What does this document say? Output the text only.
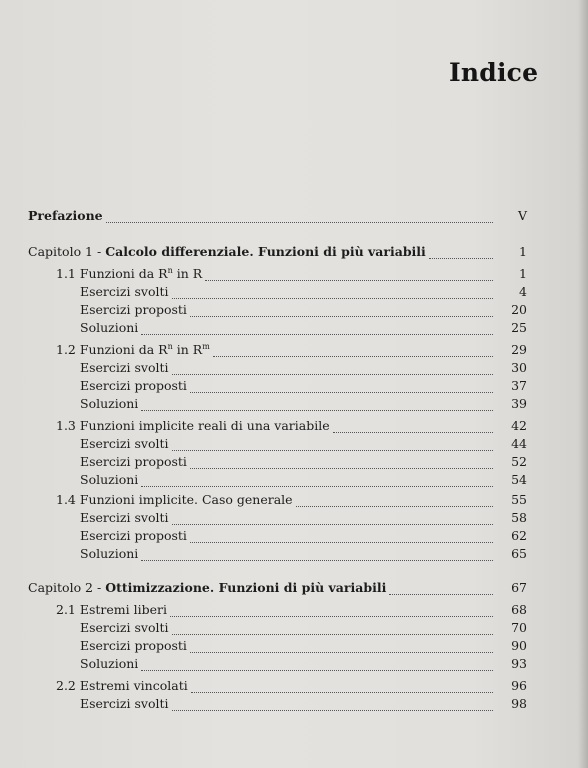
Indice
Prefazione	V
Capitolo 1 - Calcolo differenziale. Funzioni di più variabili	1
1.1 Funzioni da $R^n$ in R	1
Esercizi svolti	4
Esercizi proposti	20
Soluzioni	25
1.2 Funzioni da $R^n$ in $R^m$	29
Esercizi svolti	30
Esercizi proposti	37
Soluzioni	39
1.3 Funzioni implicite reali di una variabile	42
Esercizi svolti	44
Esercizi proposti	52
Soluzioni	54
1.4 Funzioni implicite. Caso generale	55
Esercizi svolti	58
Esercizi proposti	62
Soluzioni	65
Capitolo 2 - Ottimizzazione. Funzioni di più variabili	67
2.1 Estremi liberi	68
Esercizi svolti	70
Esercizi proposti	90
Soluzioni	93
2.2 Estremi vincolati	96
Esercizi svolti	98
